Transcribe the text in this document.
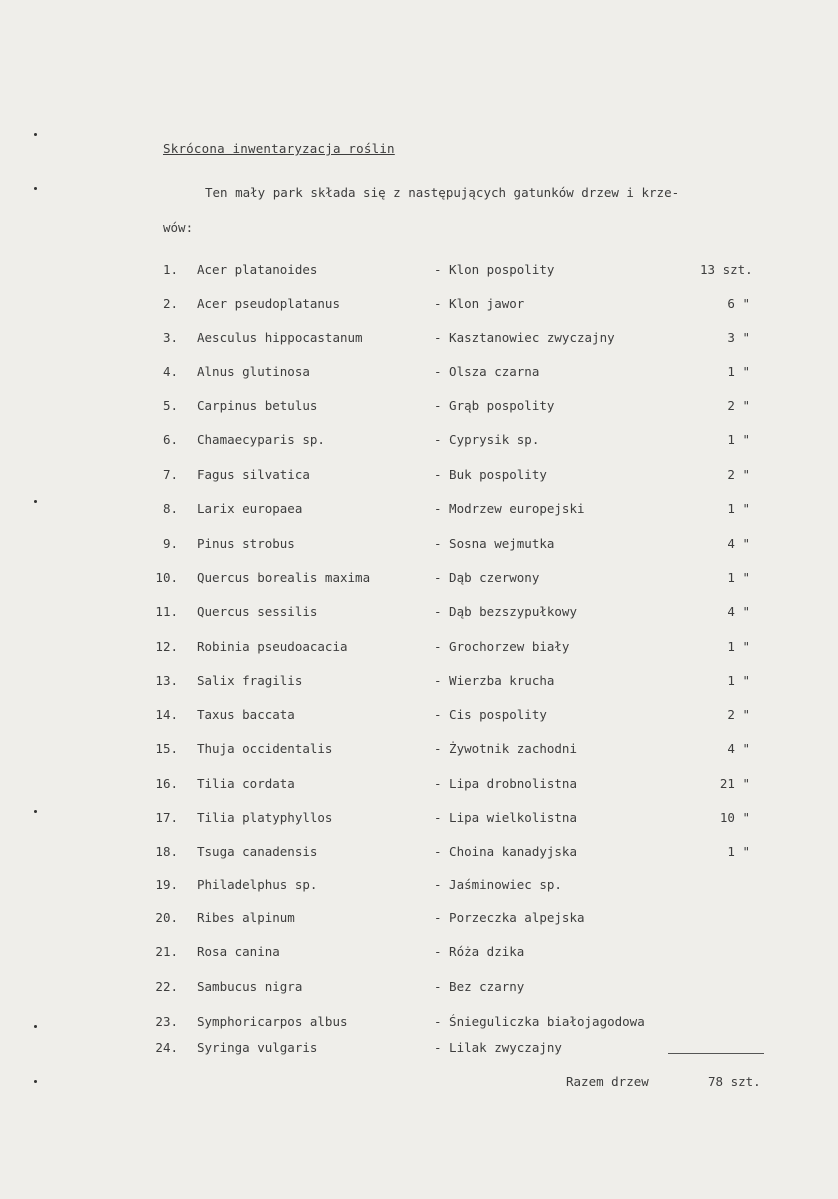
Skrócona inwentaryzacja roślin
Ten mały park składa się z następujących gatunków drzew i krze-
wów:
1. Acer platanoides	- Klon pospolity	13 szt.
2. Acer pseudoplatanus	- Klon jawor	6 "
3. Aesculus hippocastanum	- Kasztanowiec zwyczajny	3 "
4. Alnus glutinosa	- Olsza czarna	1 "
5. Carpinus betulus	- Grąb pospolity	2 "
6. Chamaecyparis sp.	- Cyprysik sp.	1 "
7. Fagus silvatica	- Buk pospolity	2 "
8. Larix europaea	- Modrzew europejski	1 "
9. Pinus strobus	- Sosna wejmutka	4 "
10. Quercus borealis maxima	- Dąb czerwony	1 "
11. Quercus sessilis	- Dąb bezszypułkowy	4 "
12. Robinia pseudoacacia	- Grochorzew biały	1 "
13. Salix fragilis	- Wierzba krucha	1 "
14. Taxus baccata	- Cis pospolity	2 "
15. Thuja occidentalis	- Żywotnik zachodni	4 "
16. Tilia cordata	- Lipa drobnolistna	21 "
17. Tilia platyphyllos	- Lipa wielkolistna	10 "
18. Tsuga canadensis	- Choina kanadyjska	1 "
19. Philadelphus sp.	- Jaśminowiec sp.
20. Ribes alpinum	- Porzeczka alpejska
21. Rosa canina	- Róża dzika
22. Sambucus nigra	- Bez czarny
23. Symphoricarpos albus	- Śnieguliczka białojagodowa
24. Syringa vulgaris	- Lilak zwyczajny
Razem drzew	78 szt.
